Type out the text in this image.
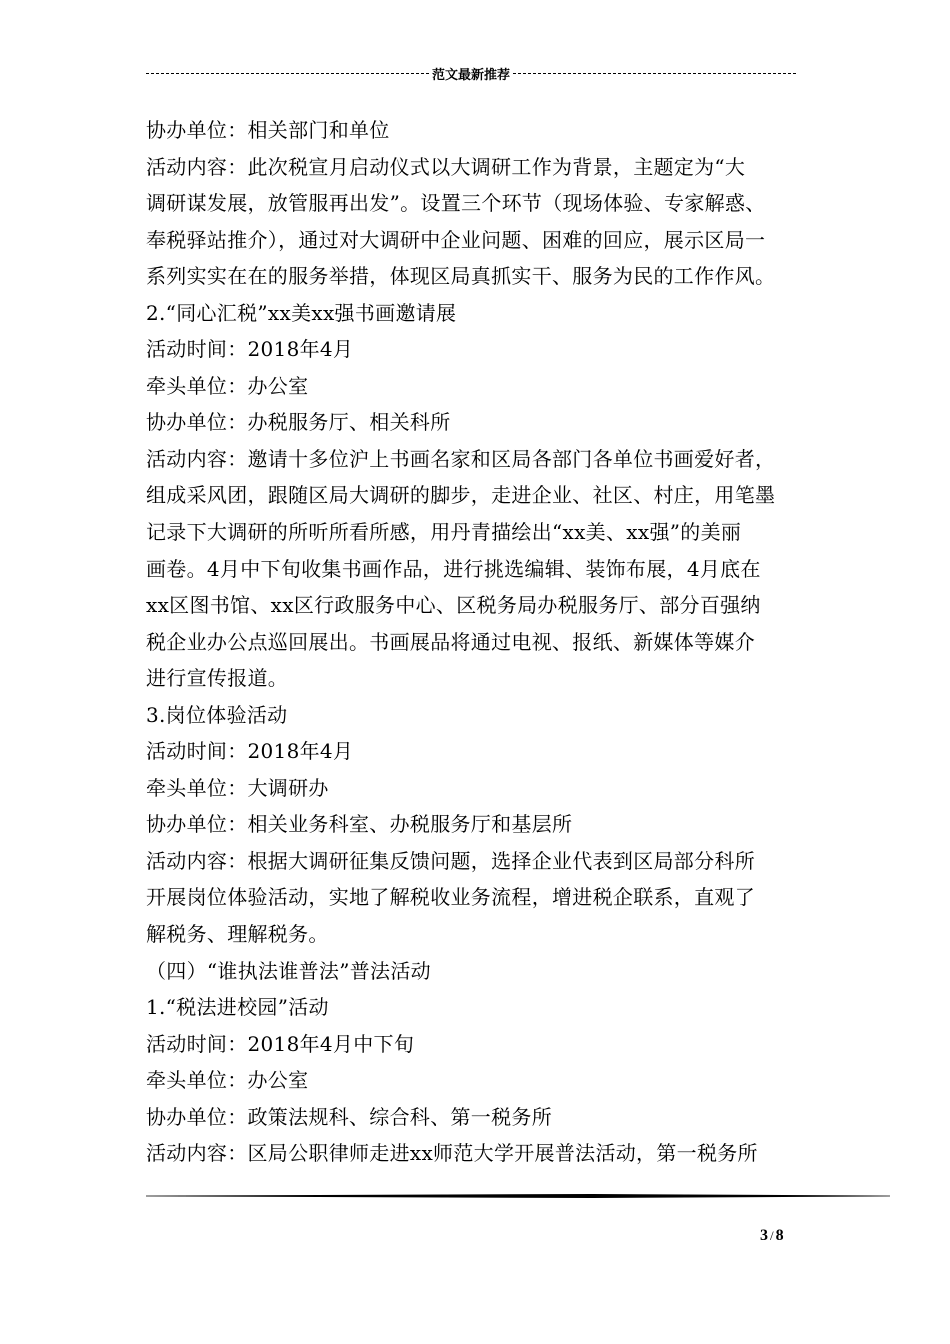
范文最新推荐
协办单位：相关部门和单位
活动内容：此次税宣月启动仪式以大调研工作为背景，主题定为“大
调研谋发展，放管服再出发”。设置三个环节（现场体验、专家解惑、
奉税驿站推介），通过对大调研中企业问题、困难的回应，展示区局一
系列实实在在的服务举措，体现区局真抓实干、服务为民的工作作风。
2.“同心汇税”xx美xx强书画邀请展
活动时间：2018年4月
牵头单位：办公室
协办单位：办税服务厅、相关科所
活动内容：邀请十多位沪上书画名家和区局各部门各单位书画爱好者，
组成采风团，跟随区局大调研的脚步，走进企业、社区、村庄，用笔墨
记录下大调研的所听所看所感，用丹青描绘出“xx美、xx强”的美丽
画卷。4月中下旬收集书画作品，进行挑选编辑、装饰布展，4月底在
xx区图书馆、xx区行政服务中心、区税务局办税服务厅、部分百强纳
税企业办公点巡回展出。书画展品将通过电视、报纸、新媒体等媒介
进行宣传报道。
3.岗位体验活动
活动时间：2018年4月
牵头单位：大调研办
协办单位：相关业务科室、办税服务厅和基层所
活动内容：根据大调研征集反馈问题，选择企业代表到区局部分科所
开展岗位体验活动，实地了解税收业务流程，增进税企联系，直观了
解税务、理解税务。
（四）“谁执法谁普法”普法活动
1.“税法进校园”活动
活动时间：2018年4月中下旬
牵头单位：办公室
协办单位：政策法规科、综合科、第一税务所
活动内容：区局公职律师走进xx师范大学开展普法活动，第一税务所
3 / 8
